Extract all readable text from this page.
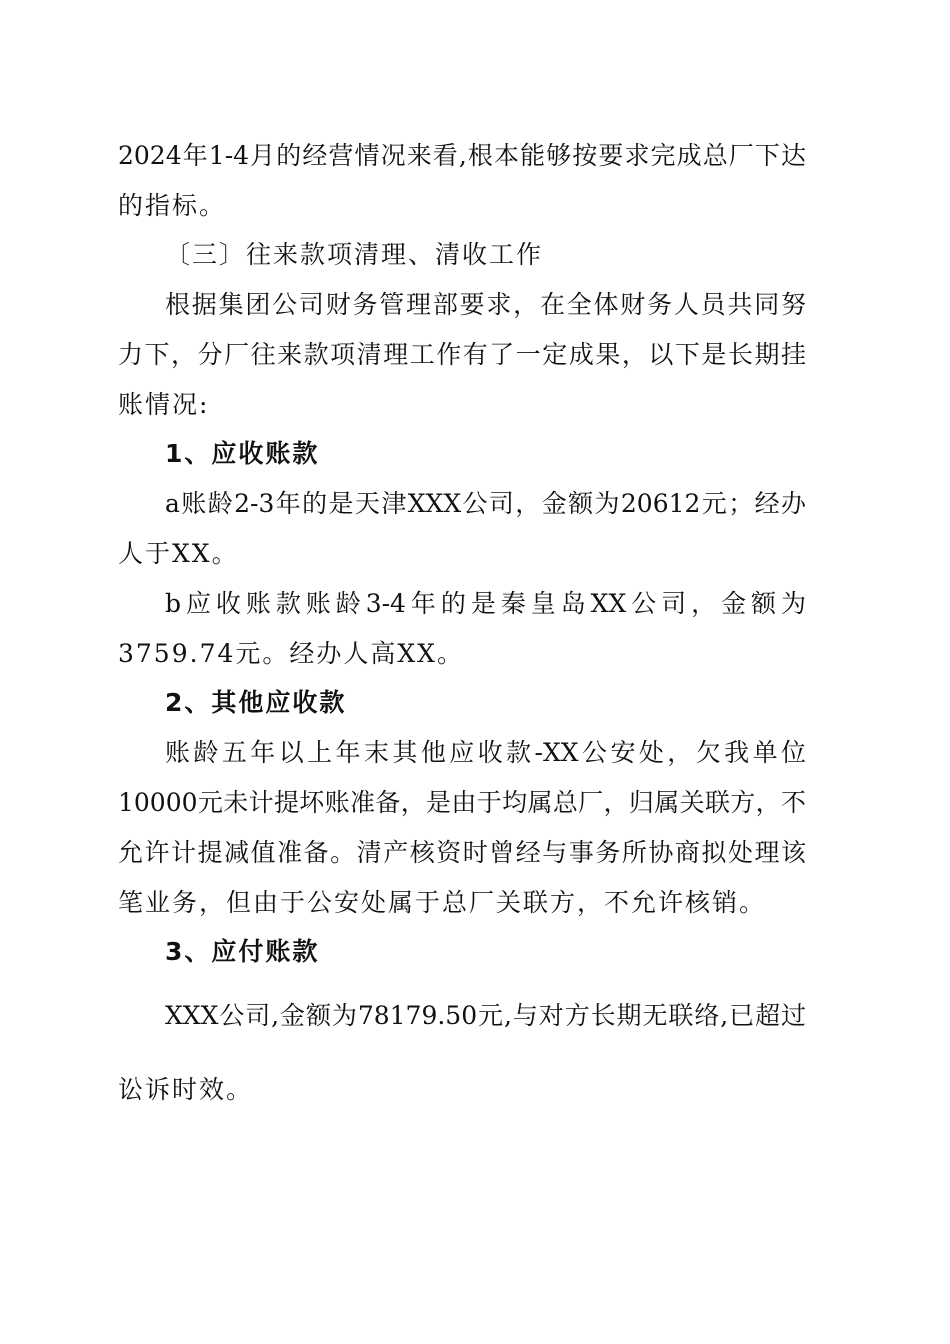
2024年1-4月的经营情况来看,根本能够按要求完成总厂下达
的指标。
〔三〕往来款项清理、清收工作
根据集团公司财务管理部要求，在全体财务人员共同努
力下，分厂往来款项清理工作有了一定成果，以下是长期挂
账情况:
1、应收账款
a账龄2-3年的是天津XXX公司，金额为20612元；经办
人于XX。
b应收账款账龄3-4年的是秦皇岛XX公司，金额为
3759.74元。经办人高XX。
2、其他应收款
账龄五年以上年末其他应收款-XX公安处，欠我单位
10000元未计提坏账准备，是由于均属总厂，归属关联方，不
允许计提减值准备。清产核资时曾经与事务所协商拟处理该
笔业务，但由于公安处属于总厂关联方，不允许核销。
3、应付账款
XXX公司,金额为78179.50元,与对方长期无联络,已超过
讼诉时效。
